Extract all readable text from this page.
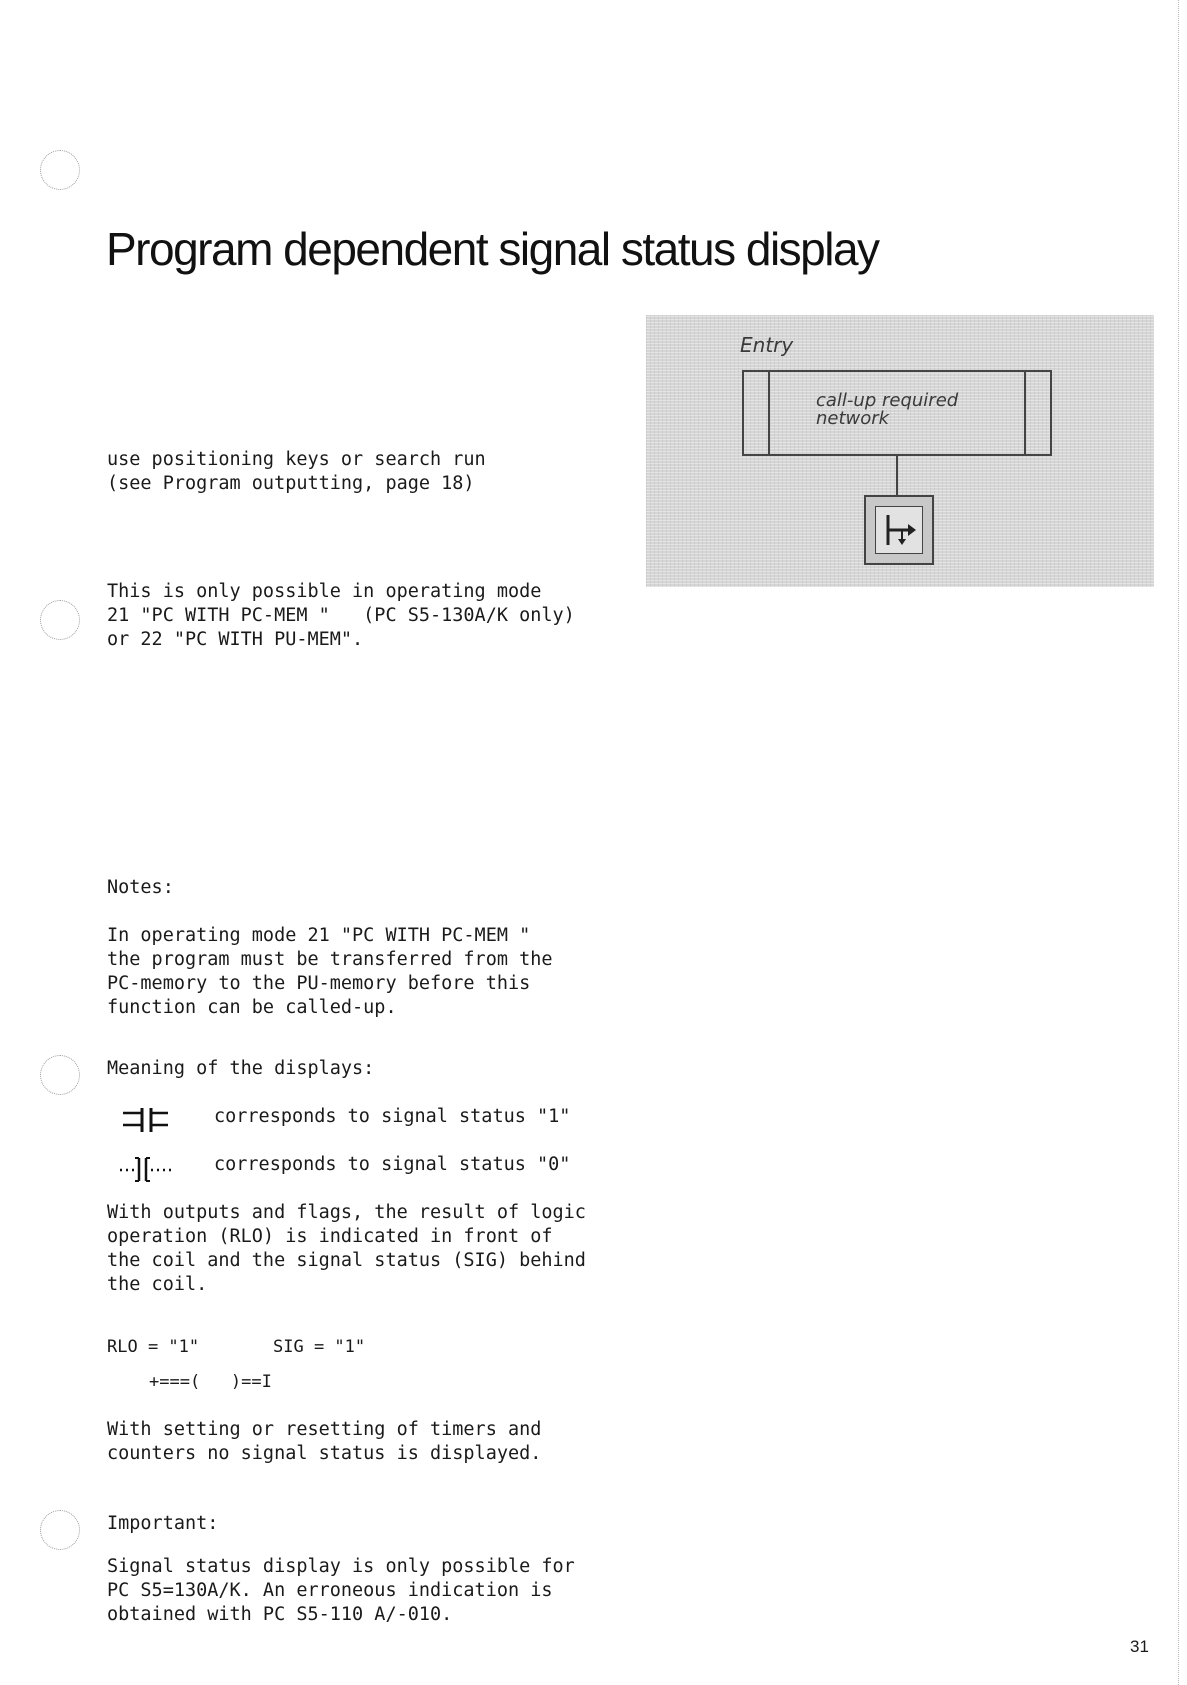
Program dependent signal status display
use positioning keys or search run
(see Program outputting, page 18)
This is only possible in operating mode
21 "PC WITH PC-MEM "   (PC S5-130A/K only)
or 22 "PC WITH PU-MEM".
Entry
call-up required
network
Notes:
In operating mode 21 "PC WITH PC-MEM "
the program must be transferred from the
PC-memory to the PU-memory before this
function can be called-up.
Meaning of the displays:
corresponds to signal status "1"
corresponds to signal status "0"
With outputs and flags, the result of logic
operation (RLO) is indicated in front of
the coil and the signal status (SIG) behind
the coil.
RLO = "1"	SIG = "1"
+===(   )==I
With setting or resetting of timers and
counters no signal status is displayed.
Important:
Signal status display is only possible for
PC S5=130A/K. An erroneous indication is
obtained with PC S5-110 A/-010.
31
